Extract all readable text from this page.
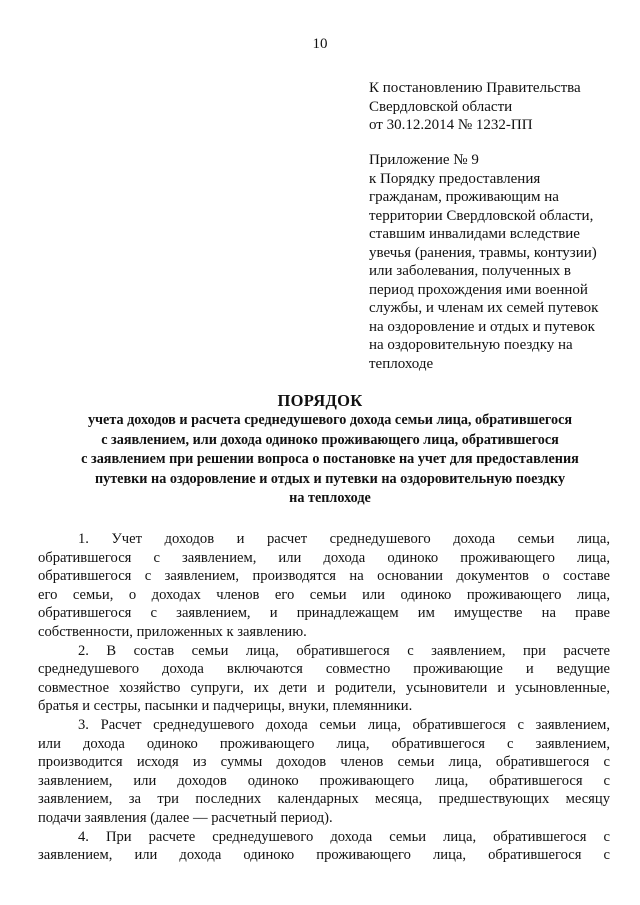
10
К постановлению Правительства
Свердловской области
от 30.12.2014 № 1232-ПП
Приложение № 9
к Порядку предоставления
гражданам, проживающим на
территории Свердловской области,
ставшим инвалидами вследствие
увечья (ранения, травмы, контузии)
или заболевания, полученных в
период прохождения ими военной
службы, и членам их семей путевок
на оздоровление и отдых и путевок
на оздоровительную поездку на
теплоходе
ПОРЯДОК
учета доходов и расчета среднедушевого дохода семьи лица, обратившегося
с заявлением, или дохода одиноко проживающего лица, обратившегося
с заявлением при решении вопроса о постановке на учет для предоставления
путевки на оздоровление и отдых и путевки на оздоровительную поездку
на теплоходе
1. Учет доходов и расчет среднедушевого дохода семьи лица,
обратившегося с заявлением, или дохода одиноко проживающего лица,
обратившегося с заявлением, производятся на основании документов о составе
его семьи, о доходах членов его семьи или одиноко проживающего лица,
обратившегося с заявлением, и принадлежащем им имуществе на праве
собственности, приложенных к заявлению.
2. В состав семьи лица, обратившегося с заявлением, при расчете
среднедушевого дохода включаются совместно проживающие и ведущие
совместное хозяйство супруги, их дети и родители, усыновители и усыновленные,
братья и сестры, пасынки и падчерицы, внуки, племянники.
3. Расчет среднедушевого дохода семьи лица, обратившегося с заявлением,
или дохода одиноко проживающего лица, обратившегося с заявлением,
производится исходя из суммы доходов членов семьи лица, обратившегося с
заявлением, или доходов одиноко проживающего лица, обратившегося с
заявлением, за три последних календарных месяца, предшествующих месяцу
подачи заявления (далее — расчетный период).
4. При расчете среднедушевого дохода семьи лица, обратившегося с
заявлением, или дохода одиноко проживающего лица, обратившегося с
